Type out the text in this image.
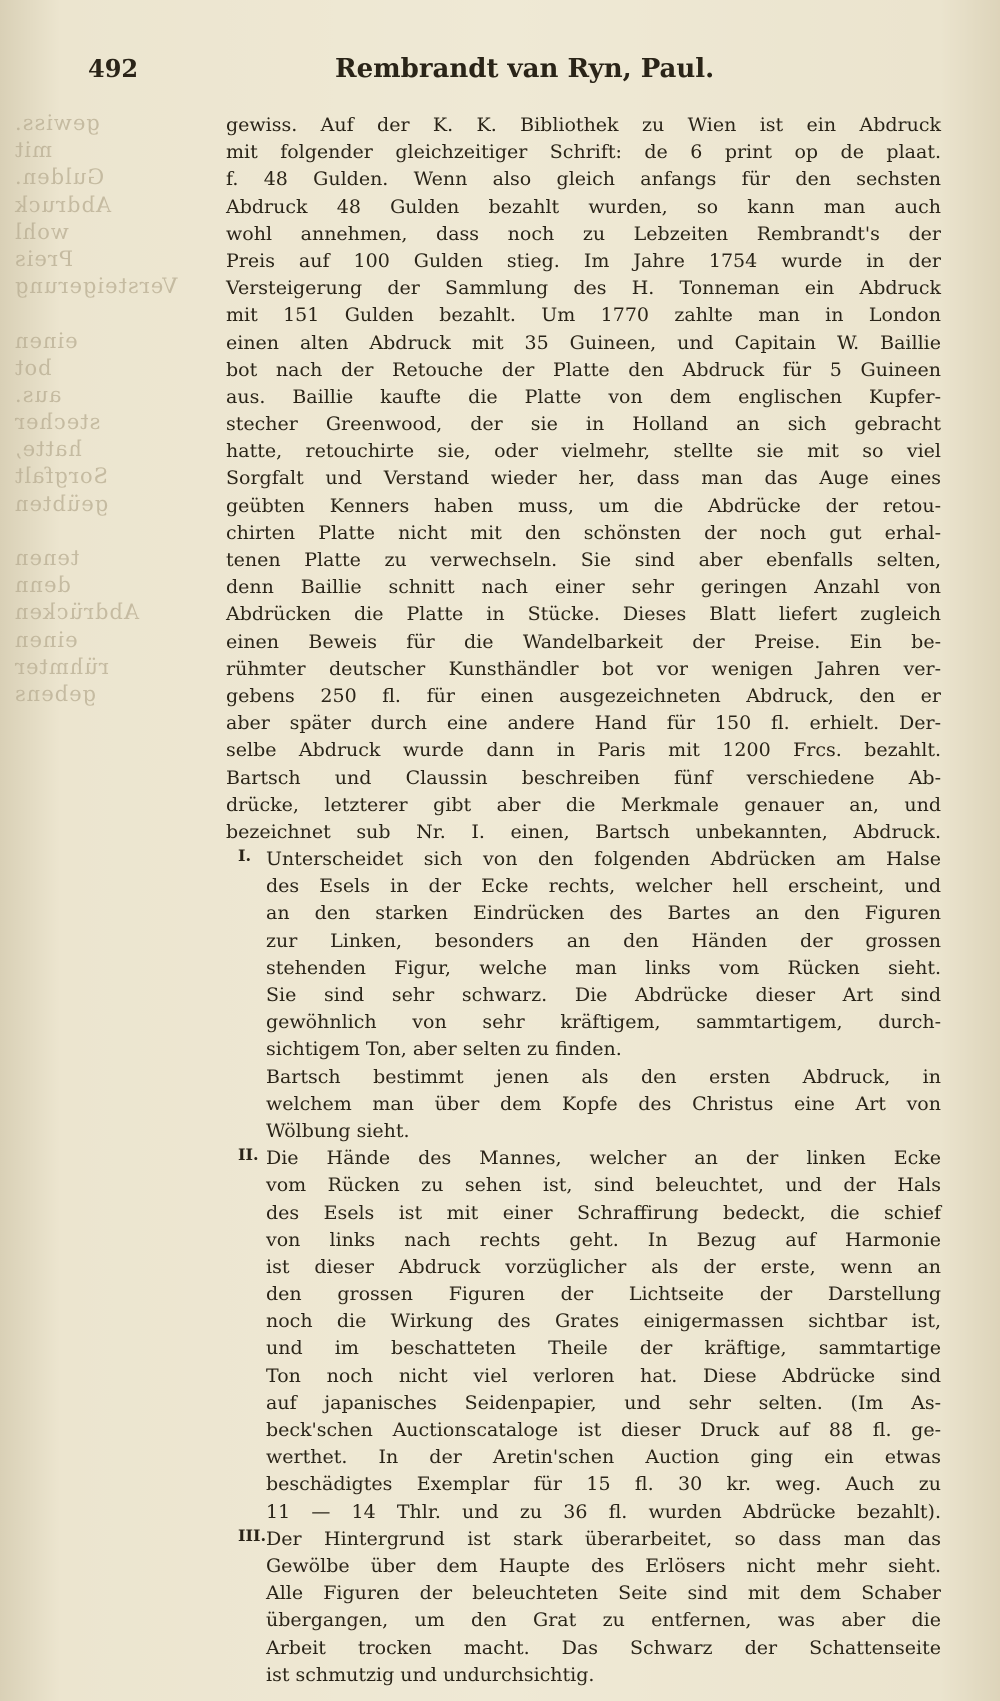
492	Rembrandt van Ryn, Paul.
gewiss.
mit
Gulden.
Abdruck
wohl
Preis
Versteigerung
einen
bot
aus.
stecher
hatte,
Sorgfalt
geübten
tenen
denn
Abdrücken
einen
rühmter
gebens
gewiss. Auf der K. K. Bibliothek zu Wien ist ein Abdruck
mit folgender gleichzeitiger Schrift: de 6 print op de plaat.
f. 48 Gulden. Wenn also gleich anfangs für den sechsten
Abdruck 48 Gulden bezahlt wurden, so kann man auch
wohl annehmen, dass noch zu Lebzeiten Rembrandt's der
Preis auf 100 Gulden stieg. Im Jahre 1754 wurde in der
Versteigerung der Sammlung des H. Tonneman ein Abdruck
mit 151 Gulden bezahlt. Um 1770 zahlte man in London
einen alten Abdruck mit 35 Guineen, und Capitain W. Baillie
bot nach der Retouche der Platte den Abdruck für 5 Guineen
aus. Baillie kaufte die Platte von dem englischen Kupfer-
stecher Greenwood, der sie in Holland an sich gebracht
hatte, retouchirte sie, oder vielmehr, stellte sie mit so viel
Sorgfalt und Verstand wieder her, dass man das Auge eines
geübten Kenners haben muss, um die Abdrücke der retou-
chirten Platte nicht mit den schönsten der noch gut erhal-
tenen Platte zu verwechseln. Sie sind aber ebenfalls selten,
denn Baillie schnitt nach einer sehr geringen Anzahl von
Abdrücken die Platte in Stücke. Dieses Blatt liefert zugleich
einen Beweis für die Wandelbarkeit der Preise. Ein be-
rühmter deutscher Kunsthändler bot vor wenigen Jahren ver-
gebens 250 fl. für einen ausgezeichneten Abdruck, den er
aber später durch eine andere Hand für 150 fl. erhielt. Der-
selbe Abdruck wurde dann in Paris mit 1200 Frcs. bezahlt.
Bartsch und Claussin beschreiben fünf verschiedene Ab-
drücke, letzterer gibt aber die Merkmale genauer an, und
bezeichnet sub Nr. I. einen, Bartsch unbekannten, Abdruck.
I. Unterscheidet sich von den folgenden Abdrücken am Halse
des Esels in der Ecke rechts, welcher hell erscheint, und
an den starken Eindrücken des Bartes an den Figuren
zur Linken, besonders an den Händen der grossen
stehenden Figur, welche man links vom Rücken sieht.
Sie sind sehr schwarz. Die Abdrücke dieser Art sind
gewöhnlich von sehr kräftigem, sammtartigem, durch-
sichtigem Ton, aber selten zu finden.
Bartsch bestimmt jenen als den ersten Abdruck, in
welchem man über dem Kopfe des Christus eine Art von
Wölbung sieht.
II. Die Hände des Mannes, welcher an der linken Ecke
vom Rücken zu sehen ist, sind beleuchtet, und der Hals
des Esels ist mit einer Schraffirung bedeckt, die schief
von links nach rechts geht. In Bezug auf Harmonie
ist dieser Abdruck vorzüglicher als der erste, wenn an
den grossen Figuren der Lichtseite der Darstellung
noch die Wirkung des Grates einigermassen sichtbar ist,
und im beschatteten Theile der kräftige, sammtartige
Ton noch nicht viel verloren hat. Diese Abdrücke sind
auf japanisches Seidenpapier, und sehr selten. (Im As-
beck'schen Auctionscataloge ist dieser Druck auf 88 fl. ge-
werthet. In der Aretin'schen Auction ging ein etwas
beschädigtes Exemplar für 15 fl. 30 kr. weg. Auch zu
11 — 14 Thlr. und zu 36 fl. wurden Abdrücke bezahlt).
III. Der Hintergrund ist stark überarbeitet, so dass man das
Gewölbe über dem Haupte des Erlösers nicht mehr sieht.
Alle Figuren der beleuchteten Seite sind mit dem Schaber
übergangen, um den Grat zu entfernen, was aber die
Arbeit trocken macht. Das Schwarz der Schattenseite
ist schmutzig und undurchsichtig.
